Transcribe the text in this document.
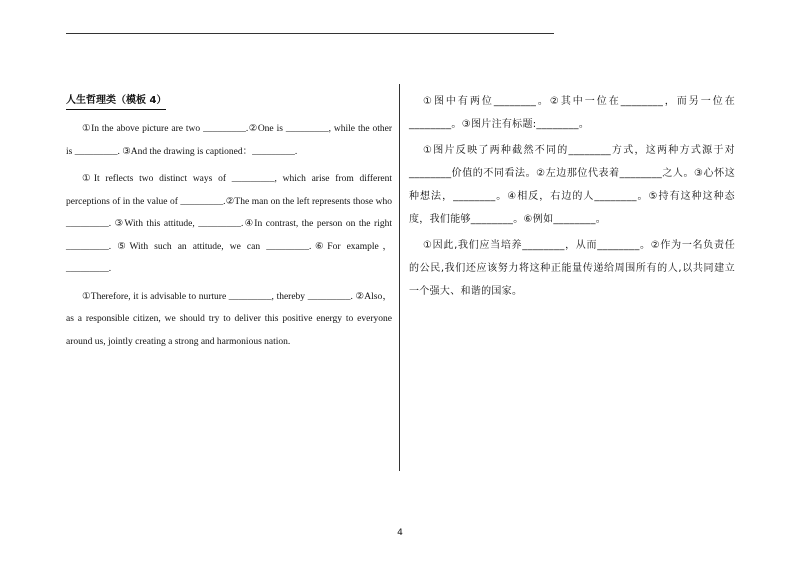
人生哲理类（模板 4）

①In the above picture are two _________.②One is _________, while the other is _________. ③And the drawing is captioned：_________.

①It reflects two distinct ways of _________, which arise from different perceptions of in the value of _________.②The man on the left represents those who _________. ③With this attitude, _________.④In contrast, the person on the right _________. ⑤With such an attitude, we can _________.⑥For example，_________.

①Therefore, it is advisable to nurture _________, thereby _________. ②Also，as a responsible citizen, we should try to deliver this positive energy to everyone around us, jointly creating a strong and harmonious nation.

①图中有两位________。②其中一位在________，而另一位在________。③图片注有标题:________。

①图片反映了两种截然不同的________方式，这两种方式源于对________价值的不同看法。②左边那位代表着________之人。③心怀这种想法，________。④相反，右边的人________。⑤持有这种这种态度，我们能够________。⑥例如________。

①因此,我们应当培养________，从而________。②作为一名负责任的公民,我们还应该努力将这种正能量传递给周围所有的人,以共同建立一个强大、和谐的国家。

4
